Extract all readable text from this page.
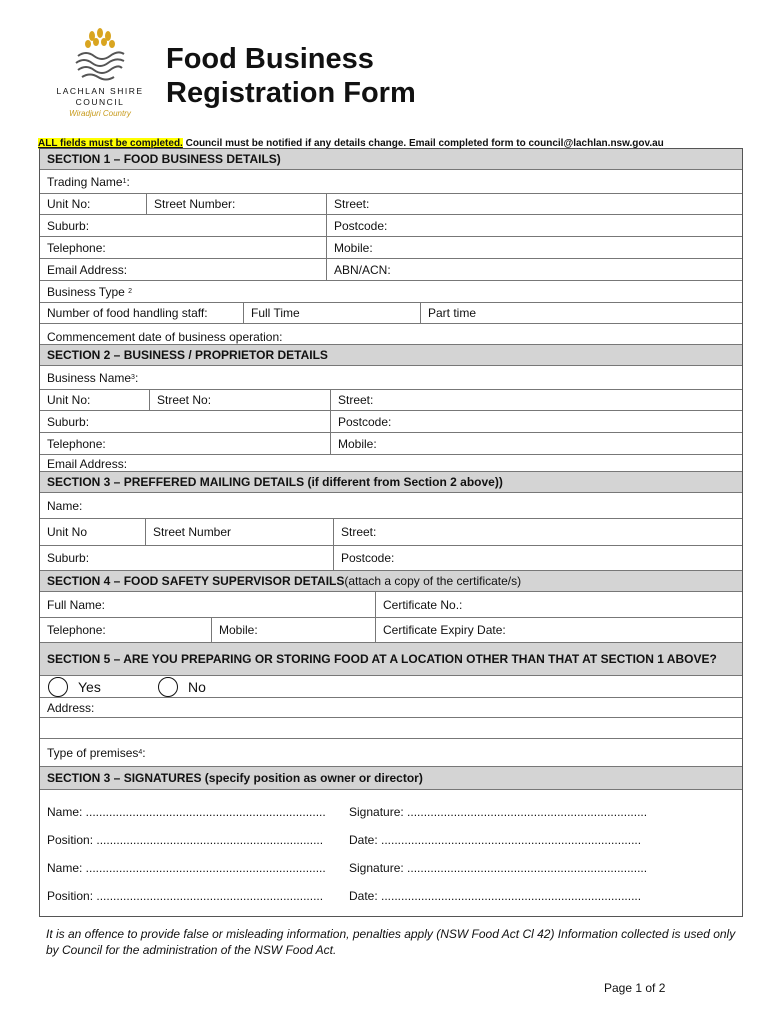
LACHLAN SHIRE
COUNCIL
Wiradjuri Country
Food Business
Registration Form
ALL fields must be completed. Council must be notified if any details change. Email completed form to council@lachlan.nsw.gov.au
SECTION 1 – FOOD BUSINESS DETAILS)
Trading Name 1 :
Unit No:	Street Number:	Street:
Suburb:	Postcode:
Telephone:	Mobile:
Email Address:	ABN/ACN:
Business Type
2
Number of food handling staff:	Full Time	Part time
Commencement date of business operation:
SECTION 2 – BUSINESS / PROPRIETOR DETAILS
Business Name 3 :
Unit No:	Street No:	Street:
Suburb:	Postcode:
Telephone:	Mobile:
Email Address:
SECTION 3 – PREFFERED MAILING DETAILS (if different from Section 2 above))
Name:
Unit No	Street Number	Street:
Suburb:	Postcode:
SECTION 4 – FOOD SAFETY SUPERVISOR DETAILS (attach a copy of the certificate/s)
Full Name:	Certificate No.:
Telephone:	Mobile:	Certificate Expiry Date:
SECTION 5 – ARE YOU PREPARING OR STORING FOOD AT A LOCATION OTHER THAN THAT AT SECTION 1 ABOVE?
Yes	No
Address:
Type of premises 4 :
SECTION 3 – SIGNATURES (specify position as owner or director)
Name: ........................................................................	Signature: ........................................................................
Position: ....................................................................	Date: ..............................................................................
Name: ........................................................................	Signature: ........................................................................
Position: ....................................................................	Date: ..............................................................................
It is an offence to provide false or misleading information, penalties apply (NSW Food Act Cl 42) Information collected is used only by Council for the administration of the NSW Food Act.
Page 1 of 2
